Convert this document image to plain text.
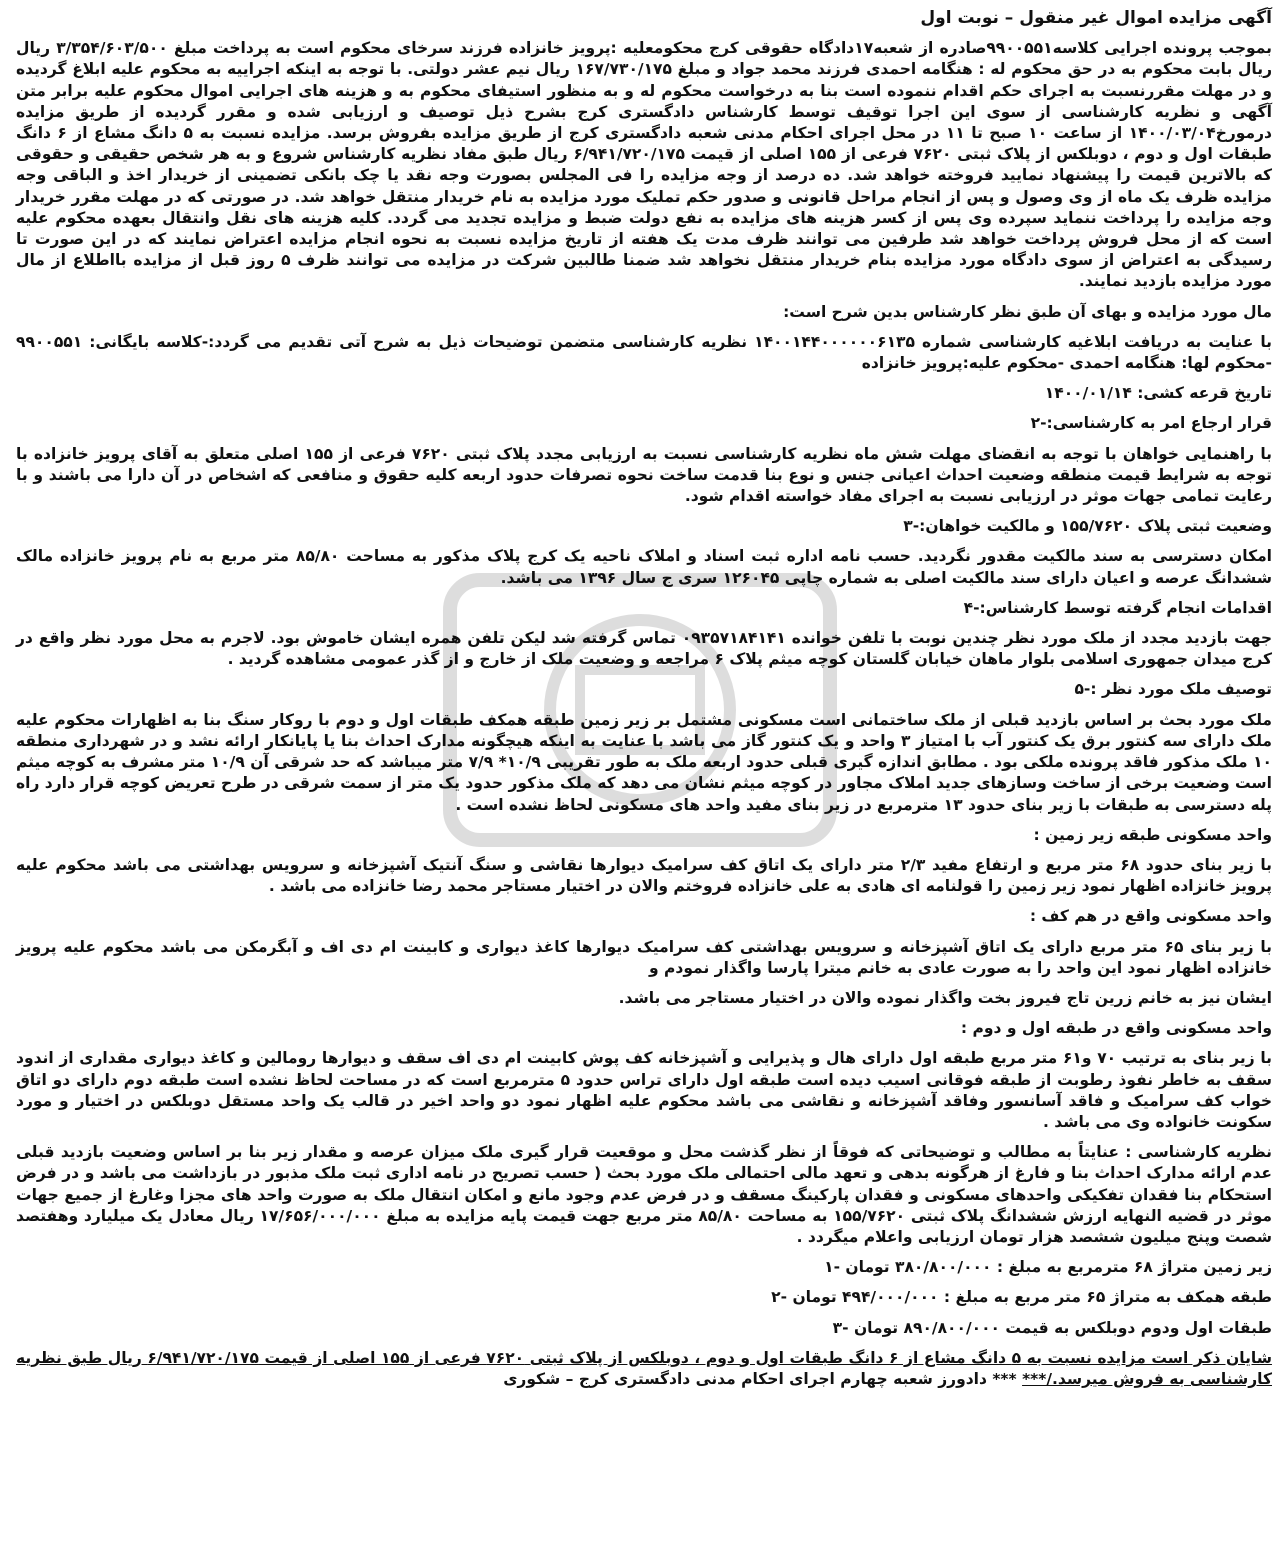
آگهی مزایده اموال غیر منقول – نوبت اول

بموجب پرونده اجرایی کلاسه۹۹۰۰۵۵۱صادره از شعبه۱۷دادگاه حقوقی کرج محکومعلیه :پرویز خانزاده فرزند سرخای محکوم است به پرداخت مبلغ ۳/۳۵۴/۶۰۳/۵۰۰ ریال ریال بابت محکوم به در حق محکوم له : هنگامه احمدی فرزند محمد جواد و مبلغ ۱۶۷/۷۳۰/۱۷۵ ریال نیم عشر دولتی. با توجه به اینکه اجراییه به محکوم علیه ابلاغ گردیده و در مهلت مقررنسبت به اجرای حکم اقدام ننموده است بنا به درخواست محکوم له و به منظور استیفای محکوم به و هزینه های اجرایی اموال محکوم علیه برابر متن آگهی و نظریه کارشناسی از سوی این اجرا توقیف توسط کارشناس دادگستری کرج بشرح ذیل توصیف و ارزیابی شده و مقرر گردیده از طریق مزایده درمورخ۱۴۰۰/۰۳/۰۴ از ساعت ۱۰ صبح تا ۱۱ در محل اجرای احکام مدنی شعبه دادگستری کرج از طریق مزایده بفروش برسد. مزایده نسبت به ۵ دانگ مشاع از ۶ دانگ طبقات اول و دوم ، دوبلکس از پلاک ثبتی ۷۶۲۰ فرعی از ۱۵۵ اصلی از قیمت ۶/۹۴۱/۷۲۰/۱۷۵ ریال طبق مفاد نظریه کارشناس شروع و به هر شخص حقیقی و حقوقی که بالاترین قیمت را پیشنهاد نمایید فروخته خواهد شد. ده درصد از وجه مزایده را فی المجلس بصورت وجه نقد یا چک بانکی تضمینی از خریدار اخذ و الباقی وجه مزایده ظرف یک ماه از وی وصول و پس از انجام مراحل قانونی و صدور حکم تملیک مورد مزایده به نام خریدار منتقل خواهد شد. در صورتی که در مهلت مقرر خریدار وجه مزایده را پرداخت ننماید سپرده وی پس از کسر هزینه های مزایده به نفع دولت ضبط و مزایده تجدید می گردد. کلیه هزینه های نقل وانتقال بعهده محکوم علیه است که از محل فروش پرداخت خواهد شد طرفین می توانند ظرف مدت یک هفته از تاریخ مزایده نسبت به نحوه انجام مزایده اعتراض نمایند که در این صورت تا رسیدگی به اعتراض از سوی دادگاه مورد مزایده بنام خریدار منتقل نخواهد شد ضمنا طالبین شرکت در مزایده می توانند ظرف ۵ روز قبل از مزایده بااطلاع از مال مورد مزایده بازدید نمایند.

مال مورد مزایده و بهای آن طبق نظر کارشناس بدین شرح است:

با عنایت به دریافت ابلاغیه کارشناسی شماره ۱۴۰۰۱۴۴۰۰۰۰۰۰۶۱۳۵ نظریه کارشناسی متضمن توضیحات ذیل به شرح آتی تقدیم می گردد:-کلاسه بایگانی: ۹۹۰۰۵۵۱ -محکوم لها: هنگامه احمدی -محکوم علیه:پرویز خانزاده

تاریخ قرعه کشی: ۱۴۰۰/۰۱/۱۴

قرار ارجاع امر به کارشناسی:-۲

با راهنمایی خواهان با توجه به انقضای مهلت شش ماه نظریه کارشناسی نسبت به ارزیابی مجدد پلاک ثبتی ۷۶۲۰ فرعی از ۱۵۵ اصلی متعلق به آقای پرویز خانزاده با توجه به شرایط قیمت منطقه وضعیت احداث اعیانی جنس و نوع بنا قدمت ساخت نحوه تصرفات حدود اربعه کلیه حقوق و منافعی که اشخاص در آن دارا می باشند و با رعایت تمامی جهات موثر در ارزیابی نسبت به اجرای مفاد خواسته اقدام شود.

وضعیت ثبتی پلاک ۱۵۵/۷۶۲۰ و مالکیت خواهان:-۳

امکان دسترسی به سند مالکیت مقدور نگردید. حسب نامه اداره ثبت اسناد و املاک ناحیه یک کرج پلاک مذکور به مساحت ۸۵/۸۰ متر مربع به نام پرویز خانزاده مالک ششدانگ عرصه و اعیان دارای سند مالکیت اصلی به شماره چاپی ۱۲۶۰۴۵ سری ج سال ۱۳۹۶ می باشد.

اقدامات انجام گرفته توسط کارشناس:-۴

جهت بازدید مجدد از ملک مورد نظر چندین نوبت با تلفن خوانده ۰۹۳۵۷۱۸۴۱۴۱ تماس گرفته شد لیکن تلفن همره ایشان خاموش بود. لاجرم به محل مورد نظر واقع در کرج میدان جمهوری اسلامی بلوار ماهان خیابان گلستان کوچه میثم پلاک ۶ مراجعه و وضعیت ملک از خارج و از گذر عمومی مشاهده گردید .

توصیف ملک مورد نظر :-۵

ملک مورد بحث بر اساس بازدید قبلی از ملک ساختمانی است مسکونی مشتمل بر زیر زمین طبقه همکف طبقات اول و دوم با روکار سنگ بنا به اظهارات محکوم علیه ملک دارای سه کنتور برق یک کنتور آب با امتیاز ۳ واحد و یک کنتور گاز می باشد با عنایت به اینکه هیچگونه مدارک احداث بنا یا پایانکار ارائه نشد و در شهرداری منطقه ۱۰ ملک مذکور فاقد پرونده ملکی بود . مطابق اندازه گیری قبلی حدود اربعه ملک به طور تقریبی ۱۰/۹* ۷/۹ متر میباشد که حد شرقی آن ۱۰/۹ متر مشرف به کوچه میثم است وضعیت برخی از ساخت وسازهای جدید املاک مجاور در کوچه میثم نشان می دهد که ملک مذکور حدود یک متر از سمت شرقی در طرح تعریض کوچه قرار دارد راه پله دسترسی به طبقات با زیر بنای حدود ۱۳ مترمربع در زیر بنای مفید واحد های مسکونی لحاظ نشده است .

واحد مسکونی طبقه زیر زمین :

با زیر بنای حدود ۶۸ متر مربع و ارتفاع مفید ۲/۳ متر دارای یک اتاق کف سرامیک دیوارها نقاشی و سنگ آنتیک آشپزخانه و سرویس بهداشتی می باشد محکوم علیه پرویز خانزاده اظهار نمود زیر زمین را قولنامه ای هادی به علی خانزاده فروختم والان در اختیار مستاجر محمد رضا خانزاده می باشد .

واحد مسکونی واقع در هم کف :

با زیر بنای ۶۵ متر مربع دارای یک اتاق آشپزخانه و سرویس بهداشتی کف سرامیک دیوارها کاغذ دیواری و کابینت ام دی اف و آبگرمکن می باشد محکوم علیه پرویز خانزاده اظهار نمود این واحد را به صورت عادی به خانم میترا پارسا واگذار نمودم و

ایشان نیز به خانم زرین تاج فیروز بخت واگذار نموده والان در اختیار مستاجر می باشد.

واحد مسکونی واقع در طبقه اول و دوم :

با زیر بنای به ترتیب ۷۰ و۶۱ متر مربع طبقه اول دارای هال و پذیرایی و آشپزخانه کف پوش کابینت ام دی اف سقف و دیوارها رومالین و کاغذ دیواری مقداری از اندود سقف به خاطر نفوذ رطوبت از طبقه فوقانی اسیب دیده است طبقه اول دارای تراس حدود ۵ مترمربع است که در مساحت لحاظ نشده است طبقه دوم دارای دو اتاق خواب کف سرامیک و فاقد آسانسور وفاقد آشپزخانه و نقاشی می باشد محکوم علیه اظهار نمود دو واحد اخیر در قالب یک واحد مستقل دوبلکس در اختیار و مورد سکونت خانواده وی می باشد .

نظریه کارشناسی : عنایتاً به مطالب و توضیحاتی که فوقاً از نظر گذشت محل و موقعیت قرار گیری ملک میزان عرصه و مقدار زیر بنا بر اساس وضعیت بازدید قبلی عدم ارائه مدارک احداث بنا و فارغ از هرگونه بدهی و تعهد مالی احتمالی ملک مورد بحث ( حسب تصریح در نامه اداری ثبت ملک مذبور در بازداشت می باشد و در فرض استحکام بنا فقدان تفکیکی واحدهای مسکونی و فقدان پارکینگ مسقف و در فرض عدم وجود مانع و امکان انتقال ملک به صورت واحد های مجزا وغارغ از جمیع جهات موثر در قضیه النهایه ارزش ششدانگ پلاک ثبتی ۱۵۵/۷۶۲۰ به مساحت ۸۵/۸۰ متر مربع جهت قیمت پایه مزایده به مبلغ ۱۷/۶۵۶/۰۰۰/۰۰۰ ریال معادل یک میلیارد وهفتصد شصت وپنج میلیون ششصد هزار تومان ارزیابی واعلام میگردد .

زیر زمین متراژ ۶۸ مترمربع به مبلغ : ۳۸۰/۸۰۰/۰۰۰ تومان -۱

طبقه همکف به متراژ ۶۵ متر مربع به مبلغ : ۴۹۴/۰۰۰/۰۰۰ تومان -۲

طبقات اول ودوم دوبلکس به قیمت ۸۹۰/۸۰۰/۰۰۰ تومان -۳

شایان ذکر است مزایده نسبت به ۵ دانگ مشاع از ۶ دانگ طبقات اول و دوم ، دوبلکس از پلاک ثبتی ۷۶۲۰ فرعی از ۱۵۵ اصلی از قیمت ۶/۹۴۱/۷۲۰/۱۷۵ ریال طبق نظریه کارشناسی به فروش میرسد./*** *** دادورز شعبه چهارم اجرای احکام مدنی دادگستری کرج – شکوری
